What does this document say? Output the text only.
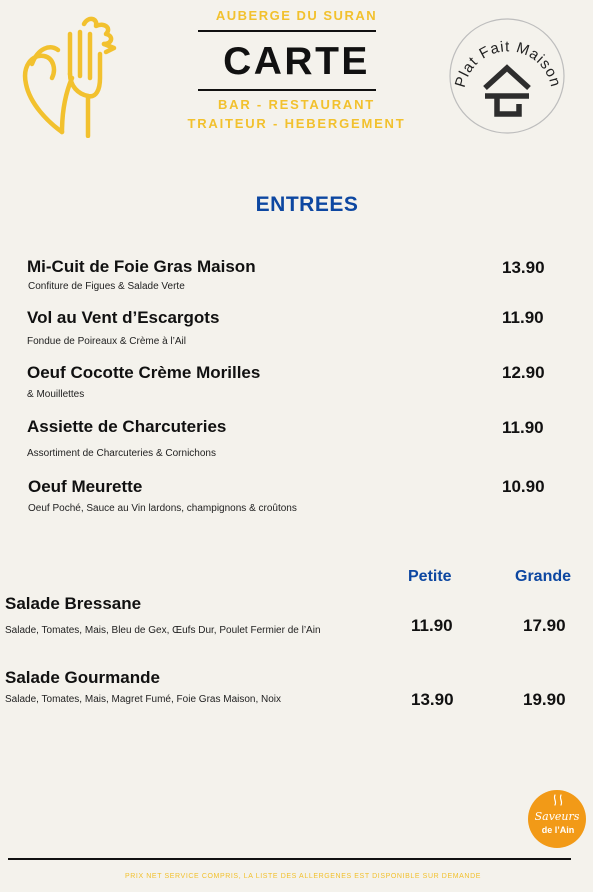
AUBERGE DU SURAN
CARTE
BAR - RESTAURANT
TRAITEUR - HEBERGEMENT
Plat Fait Maison
ENTREES
Mi-Cuit de Foie Gras Maison
Confiture de Figues & Salade Verte
13.90
Vol au Vent d’Escargots
Fondue de Poireaux & Crème à l’Ail
11.90
Oeuf Cocotte Crème Morilles
& Mouillettes
12.90
Assiette de Charcuteries
Assortiment de Charcuteries & Cornichons
11.90
Oeuf Meurette
Oeuf Poché, Sauce au Vin lardons, champignons & croûtons
10.90
Petite	Grande
Salade Bressane
Salade, Tomates, Mais, Bleu de Gex, Œufs Dur, Poulet Fermier de l’Ain	11.90	17.90
Salade Gourmande
Salade, Tomates, Mais, Magret Fumé, Foie Gras Maison, Noix	13.90	19.90
Saveurs
de l’Ain
PRIX NET SERVICE COMPRIS, LA LISTE DES ALLERGENES EST DISPONIBLE SUR DEMANDE
